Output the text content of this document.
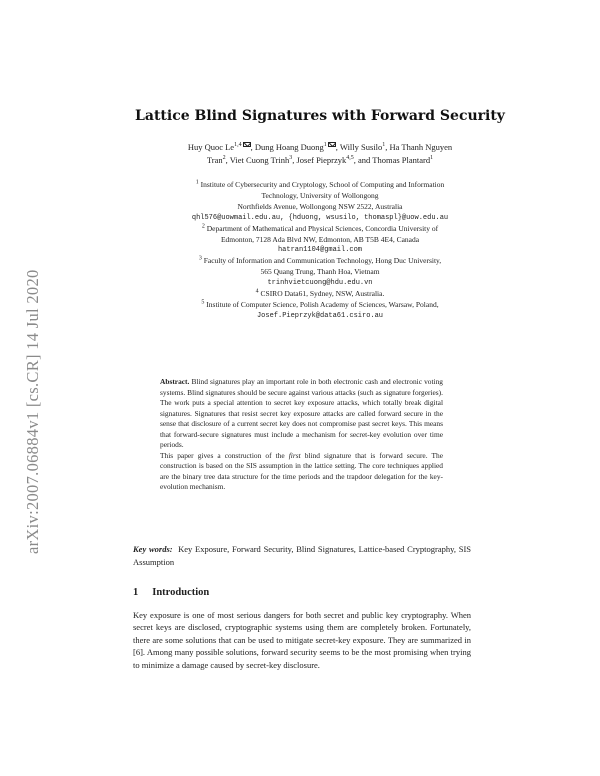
arXiv:2007.06884v1 [cs.CR] 14 Jul 2020
Lattice Blind Signatures with Forward Security
Huy Quoc Le$^{1,4}$ , Dung Hoang Duong$^1$ , Willy Susilo$^1$, Ha Thanh Nguyen
Tran$^2$, Viet Cuong Trinh$^3$, Josef Pieprzyk$^{4,5}$, and Thomas Plantard$^1$
$^1$ Institute of Cybersecurity and Cryptology, School of Computing and Information
Technology, University of Wollongong
Northfields Avenue, Wollongong NSW 2522, Australia
qhl576@uowmail.edu.au, {hduong, wsusilo, thomaspl}@uow.edu.au
$^2$ Department of Mathematical and Physical Sciences, Concordia University of
Edmonton, 7128 Ada Blvd NW, Edmonton, AB T5B 4E4, Canada
hatran1104@gmail.com
$^3$ Faculty of Information and Communication Technology, Hong Duc University,
565 Quang Trung, Thanh Hoa, Vietnam
trinhvietcuong@hdu.edu.vn
$^4$ CSIRO Data61, Sydney, NSW, Australia.
$^5$ Institute of Computer Science, Polish Academy of Sciences, Warsaw, Poland,
Josef.Pieprzyk@data61.csiro.au

Abstract. Blind signatures play an important role in both electronic cash and electronic voting systems. Blind signatures should be secure against various attacks (such as signature forgeries). The work puts a special attention to secret key exposure attacks, which totally break digital signatures. Signatures that resist secret key exposure attacks are called forward secure in the sense that disclosure of a current secret key does not compromise past secret keys. This means that forward-secure signatures must include a mechanism for secret-key evolution over time periods.

This paper gives a construction of the first blind signature that is forward secure. The construction is based on the SIS assumption in the lattice setting. The core techniques applied are the binary tree data structure for the time periods and the trapdoor delegation for the key-evolution mechanism.

Key words: Key Exposure, Forward Security, Blind Signatures, Lattice-based Cryptography, SIS Assumption
1 Introduction
Key exposure is one of most serious dangers for both secret and public key cryptography. When secret keys are disclosed, cryptographic systems using them are completely broken. Fortunately, there are some solutions that can be used to mitigate secret-key exposure. They are summarized in [6]. Among many possible solutions, forward security seems to be the most promising when trying to minimize a damage caused by secret-key disclosure.
